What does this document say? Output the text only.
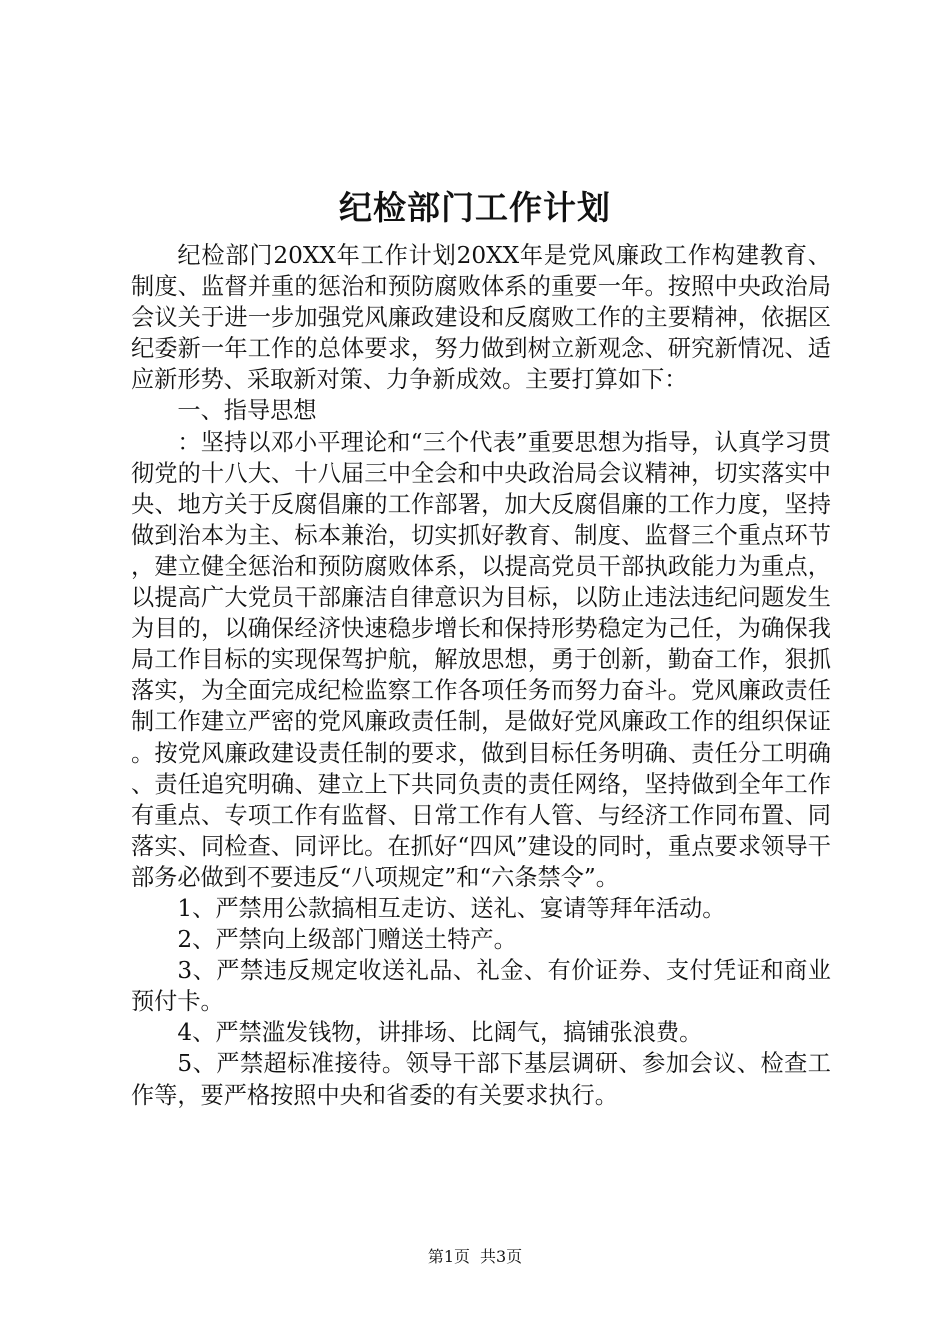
纪检部门工作计划

纪检部门20XX年工作计划20XX年是党风廉政工作构建教育、制度、监督并重的惩治和预防腐败体系的重要一年。按照中央政治局会议关于进一步加强党风廉政建设和反腐败工作的主要精神，依据区纪委新一年工作的总体要求，努力做到树立新观念、研究新情况、适应新形势、采取新对策、力争新成效。主要打算如下：

一、指导思想

：坚持以邓小平理论和“三个代表”重要思想为指导，认真学习贯彻党的十八大、十八届三中全会和中央政治局会议精神，切实落实中央、地方关于反腐倡廉的工作部署，加大反腐倡廉的工作力度，坚持做到治本为主、标本兼治，切实抓好教育、制度、监督三个重点环节，建立健全惩治和预防腐败体系，以提高党员干部执政能力为重点，以提高广大党员干部廉洁自律意识为目标，以防止违法违纪问题发生为目的，以确保经济快速稳步增长和保持形势稳定为己任，为确保我局工作目标的实现保驾护航，解放思想，勇于创新，勤奋工作，狠抓落实，为全面完成纪检监察工作各项任务而努力奋斗。党风廉政责任制工作建立严密的党风廉政责任制，是做好党风廉政工作的组织保证。按党风廉政建设责任制的要求，做到目标任务明确、责任分工明确、责任追究明确、建立上下共同负责的责任网络，坚持做到全年工作有重点、专项工作有监督、日常工作有人管、与经济工作同布置、同落实、同检查、同评比。在抓好“四风”建设的同时，重点要求领导干部务必做到不要违反“八项规定”和“六条禁令”。

1、严禁用公款搞相互走访、送礼、宴请等拜年活动。

2、严禁向上级部门赠送土特产。

3、严禁违反规定收送礼品、礼金、有价证券、支付凭证和商业预付卡。

4、严禁滥发钱物，讲排场、比阔气，搞铺张浪费。

5、严禁超标准接待。领导干部下基层调研、参加会议、检查工作等，要严格按照中央和省委的有关要求执行。

第1页 共3页
